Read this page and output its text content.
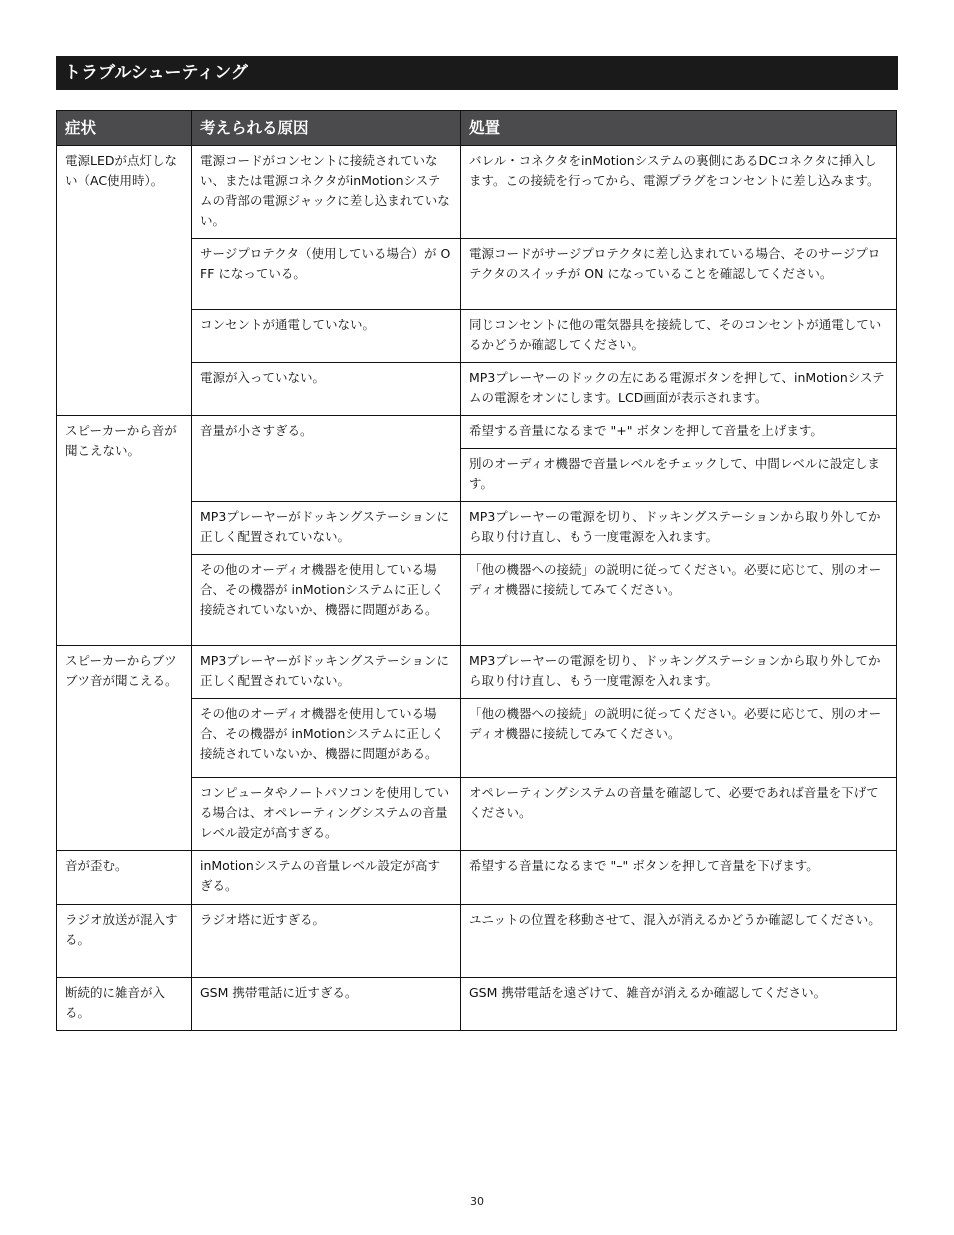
トラブルシューティング
症状	考えられる原因	処置
電源LEDが点灯しない（AC使用時）。	電源コードがコンセントに接続されていない、または電源コネクタがinMotionシステムの背部の電源ジャックに差し込まれていない。	バレル・コネクタをinMotionシステムの裏側にあるDCコネクタに挿入します。この接続を行ってから、電源プラグをコンセントに差し込みます。
	サージプロテクタ（使用している場合）が OFF になっている。	電源コードがサージプロテクタに差し込まれている場合、そのサージプロテクタのスイッチが ON になっていることを確認してください。
	コンセントが通電していない。	同じコンセントに他の電気器具を接続して、そのコンセントが通電しているかどうか確認してください。
	電源が入っていない。	MP3プレーヤーのドックの左にある電源ボタンを押して、inMotionシステムの電源をオンにします。LCD画面が表示されます。
スピーカーから音が聞こえない。	音量が小さすぎる。	希望する音量になるまで "+" ボタンを押して音量を上げます。
		別のオーディオ機器で音量レベルをチェックして、中間レベルに設定します。
	MP3プレーヤーがドッキングステーションに正しく配置されていない。	MP3プレーヤーの電源を切り、ドッキングステーションから取り外してから取り付け直し、もう一度電源を入れます。
	その他のオーディオ機器を使用している場合、その機器が inMotionシステムに正しく接続されていないか、機器に問題がある。	「他の機器への接続」の説明に従ってください。必要に応じて、別のオーディオ機器に接続してみてください。
スピーカーからブツブツ音が聞こえる。	MP3プレーヤーがドッキングステーションに正しく配置されていない。	MP3プレーヤーの電源を切り、ドッキングステーションから取り外してから取り付け直し、もう一度電源を入れます。
	その他のオーディオ機器を使用している場合、その機器が inMotionシステムに正しく接続されていないか、機器に問題がある。	「他の機器への接続」の説明に従ってください。必要に応じて、別のオーディオ機器に接続してみてください。
	コンピュータやノートパソコンを使用している場合は、オペレーティングシステムの音量レベル設定が高すぎる。	オペレーティングシステムの音量を確認して、必要であれば音量を下げてください。
音が歪む。	inMotionシステムの音量レベル設定が高すぎる。	希望する音量になるまで "–" ボタンを押して音量を下げます。
ラジオ放送が混入する。	ラジオ塔に近すぎる。	ユニットの位置を移動させて、混入が消えるかどうか確認してください。
断続的に雑音が入る。	GSM 携帯電話に近すぎる。	GSM 携帯電話を遠ざけて、雑音が消えるか確認してください。
30
